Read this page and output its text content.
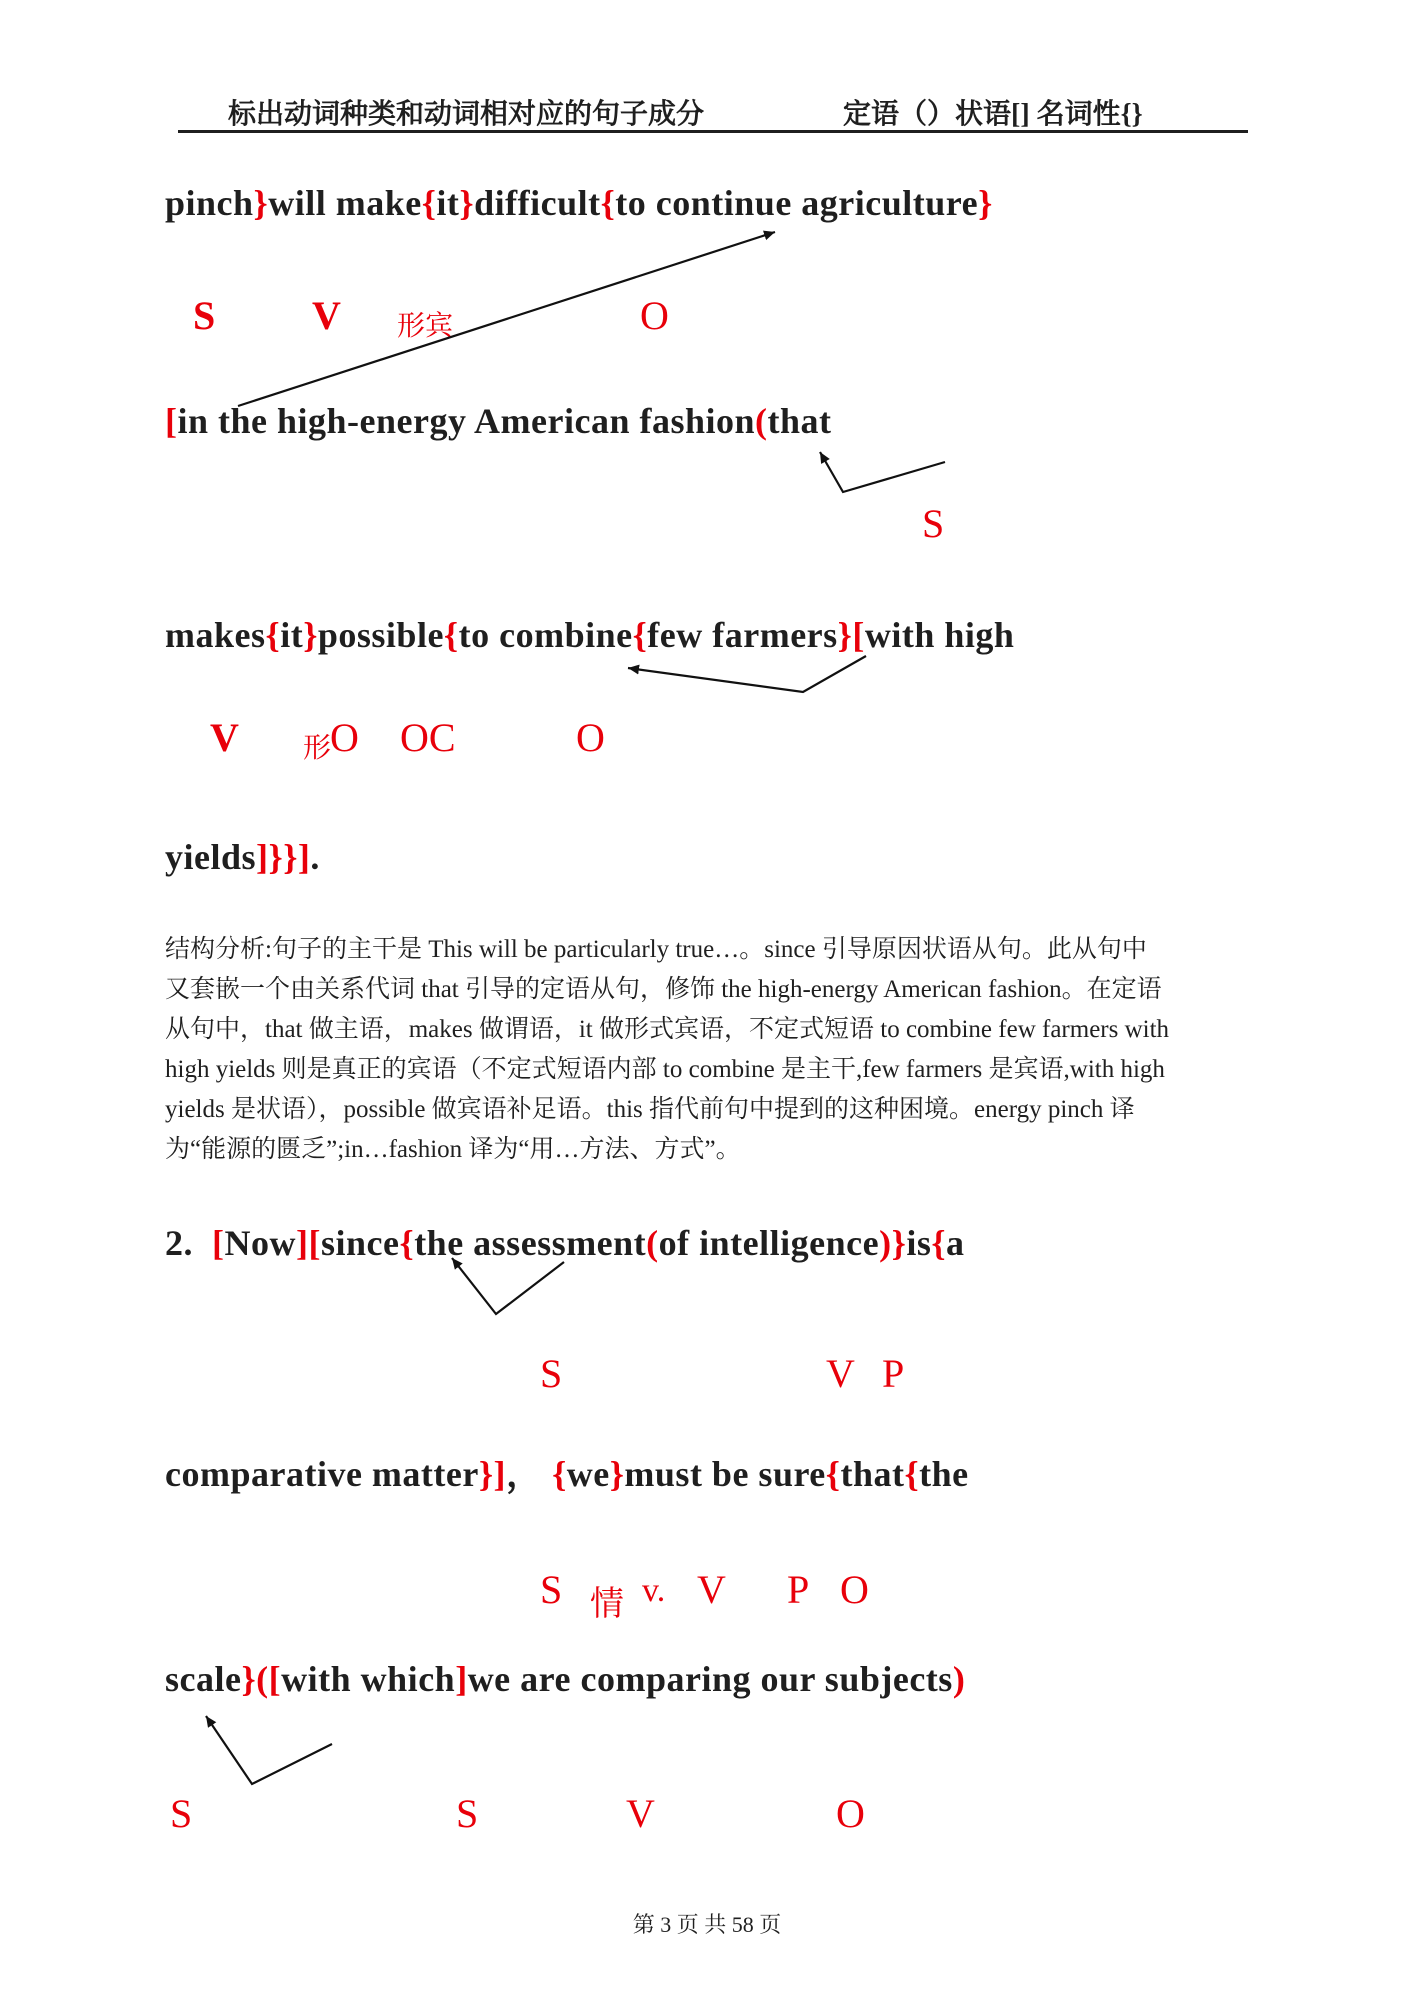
标出动词种类和动词相对应的句子成分	定语（）状语[] 名词性{}
pinch}will make{it}difficult{to continue agriculture}
S V 形宾	O
[in the high-energy American fashion(that
S
makes{it}possible{to combine{few farmers}[with high
V 形
O OC	O
yields]}}].
结构分析:句子的主干是 This will be particularly true…。since 引导原因状语从句。此从句中
又套嵌一个由关系代词 that 引导的定语从句，修饰 the high-energy American fashion。在定语
从句中，that 做主语，makes 做谓语，it 做形式宾语，不定式短语 to combine few farmers with
high yields 则是真正的宾语（不定式短语内部 to combine 是主干,few farmers 是宾语,with high
yields 是状语），possible 做宾语补足语。this 指代前句中提到的这种困境。energy pinch 译
为“能源的匮乏”;in…fashion 译为“用…方法、方式”。
2.  [Now][since{the assessment(of intelligence)}is{a
S	V P
comparative matter}]， {we}must be sure{that{the
S 情 v. V P O
scale}([with which]we are comparing our subjects)
S	S	V	O
第 3 页 共 58 页
